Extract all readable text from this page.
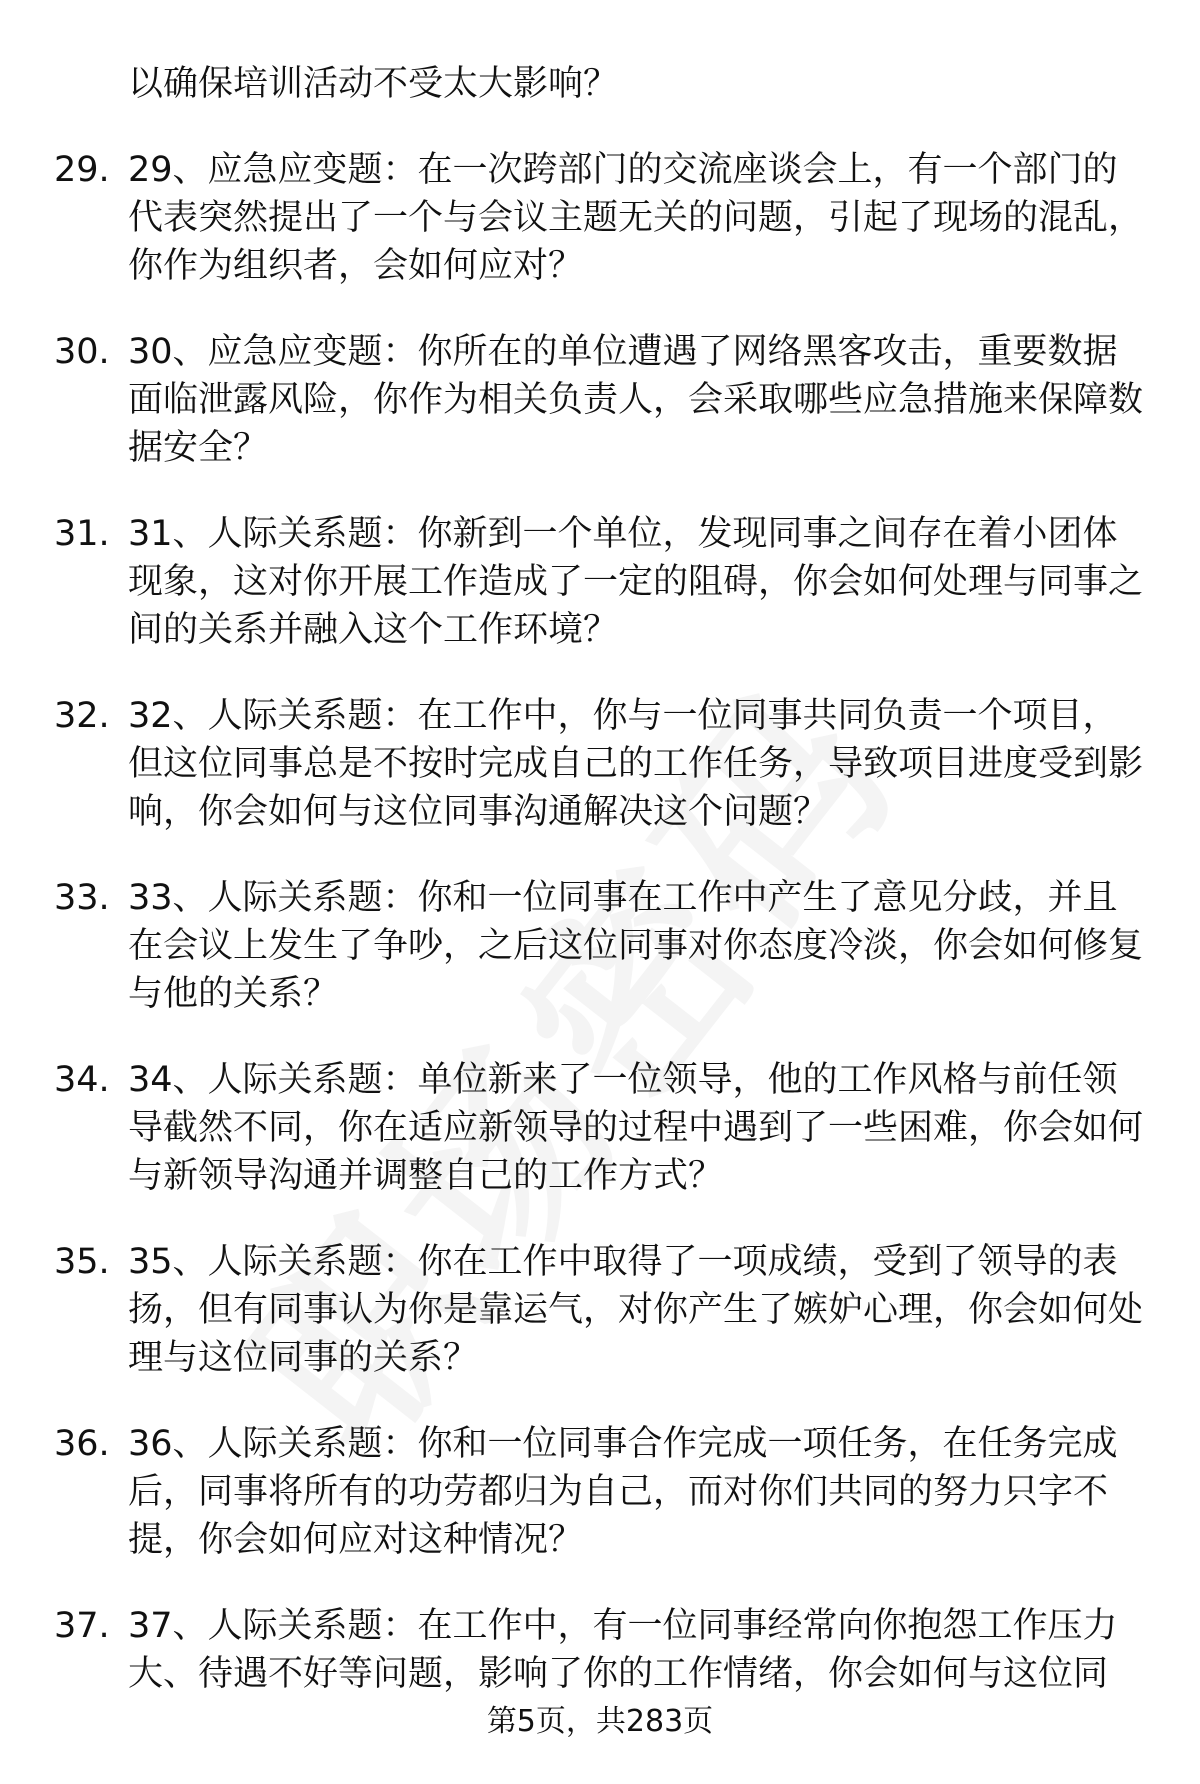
以确保培训活动不受太大影响？
29. 29、应急应变题：在一次跨部门的交流座谈会上，有一个部门的代表突然提出了一个与会议主题无关的问题，引起了现场的混乱，你作为组织者，会如何应对？
30. 30、应急应变题：你所在的单位遭遇了网络黑客攻击，重要数据面临泄露风险，你作为相关负责人，会采取哪些应急措施来保障数据安全？
31. 31、人际关系题：你新到一个单位，发现同事之间存在着小团体现象，这对你开展工作造成了一定的阻碍，你会如何处理与同事之间的关系并融入这个工作环境？
32. 32、人际关系题：在工作中，你与一位同事共同负责一个项目，但这位同事总是不按时完成自己的工作任务，导致项目进度受到影响，你会如何与这位同事沟通解决这个问题？
33. 33、人际关系题：你和一位同事在工作中产生了意见分歧，并且在会议上发生了争吵，之后这位同事对你态度冷淡，你会如何修复与他的关系？
34. 34、人际关系题：单位新来了一位领导，他的工作风格与前任领导截然不同，你在适应新领导的过程中遇到了一些困难，你会如何与新领导沟通并调整自己的工作方式？
35. 35、人际关系题：你在工作中取得了一项成绩，受到了领导的表扬，但有同事认为你是靠运气，对你产生了嫉妒心理，你会如何处理与这位同事的关系？
36. 36、人际关系题：你和一位同事合作完成一项任务，在任务完成后，同事将所有的功劳都归为自己，而对你们共同的努力只字不提，你会如何应对这种情况？
37. 37、人际关系题：在工作中，有一位同事经常向你抱怨工作压力大、待遇不好等问题，影响了你的工作情绪，你会如何与这位同
第5页，共283页
